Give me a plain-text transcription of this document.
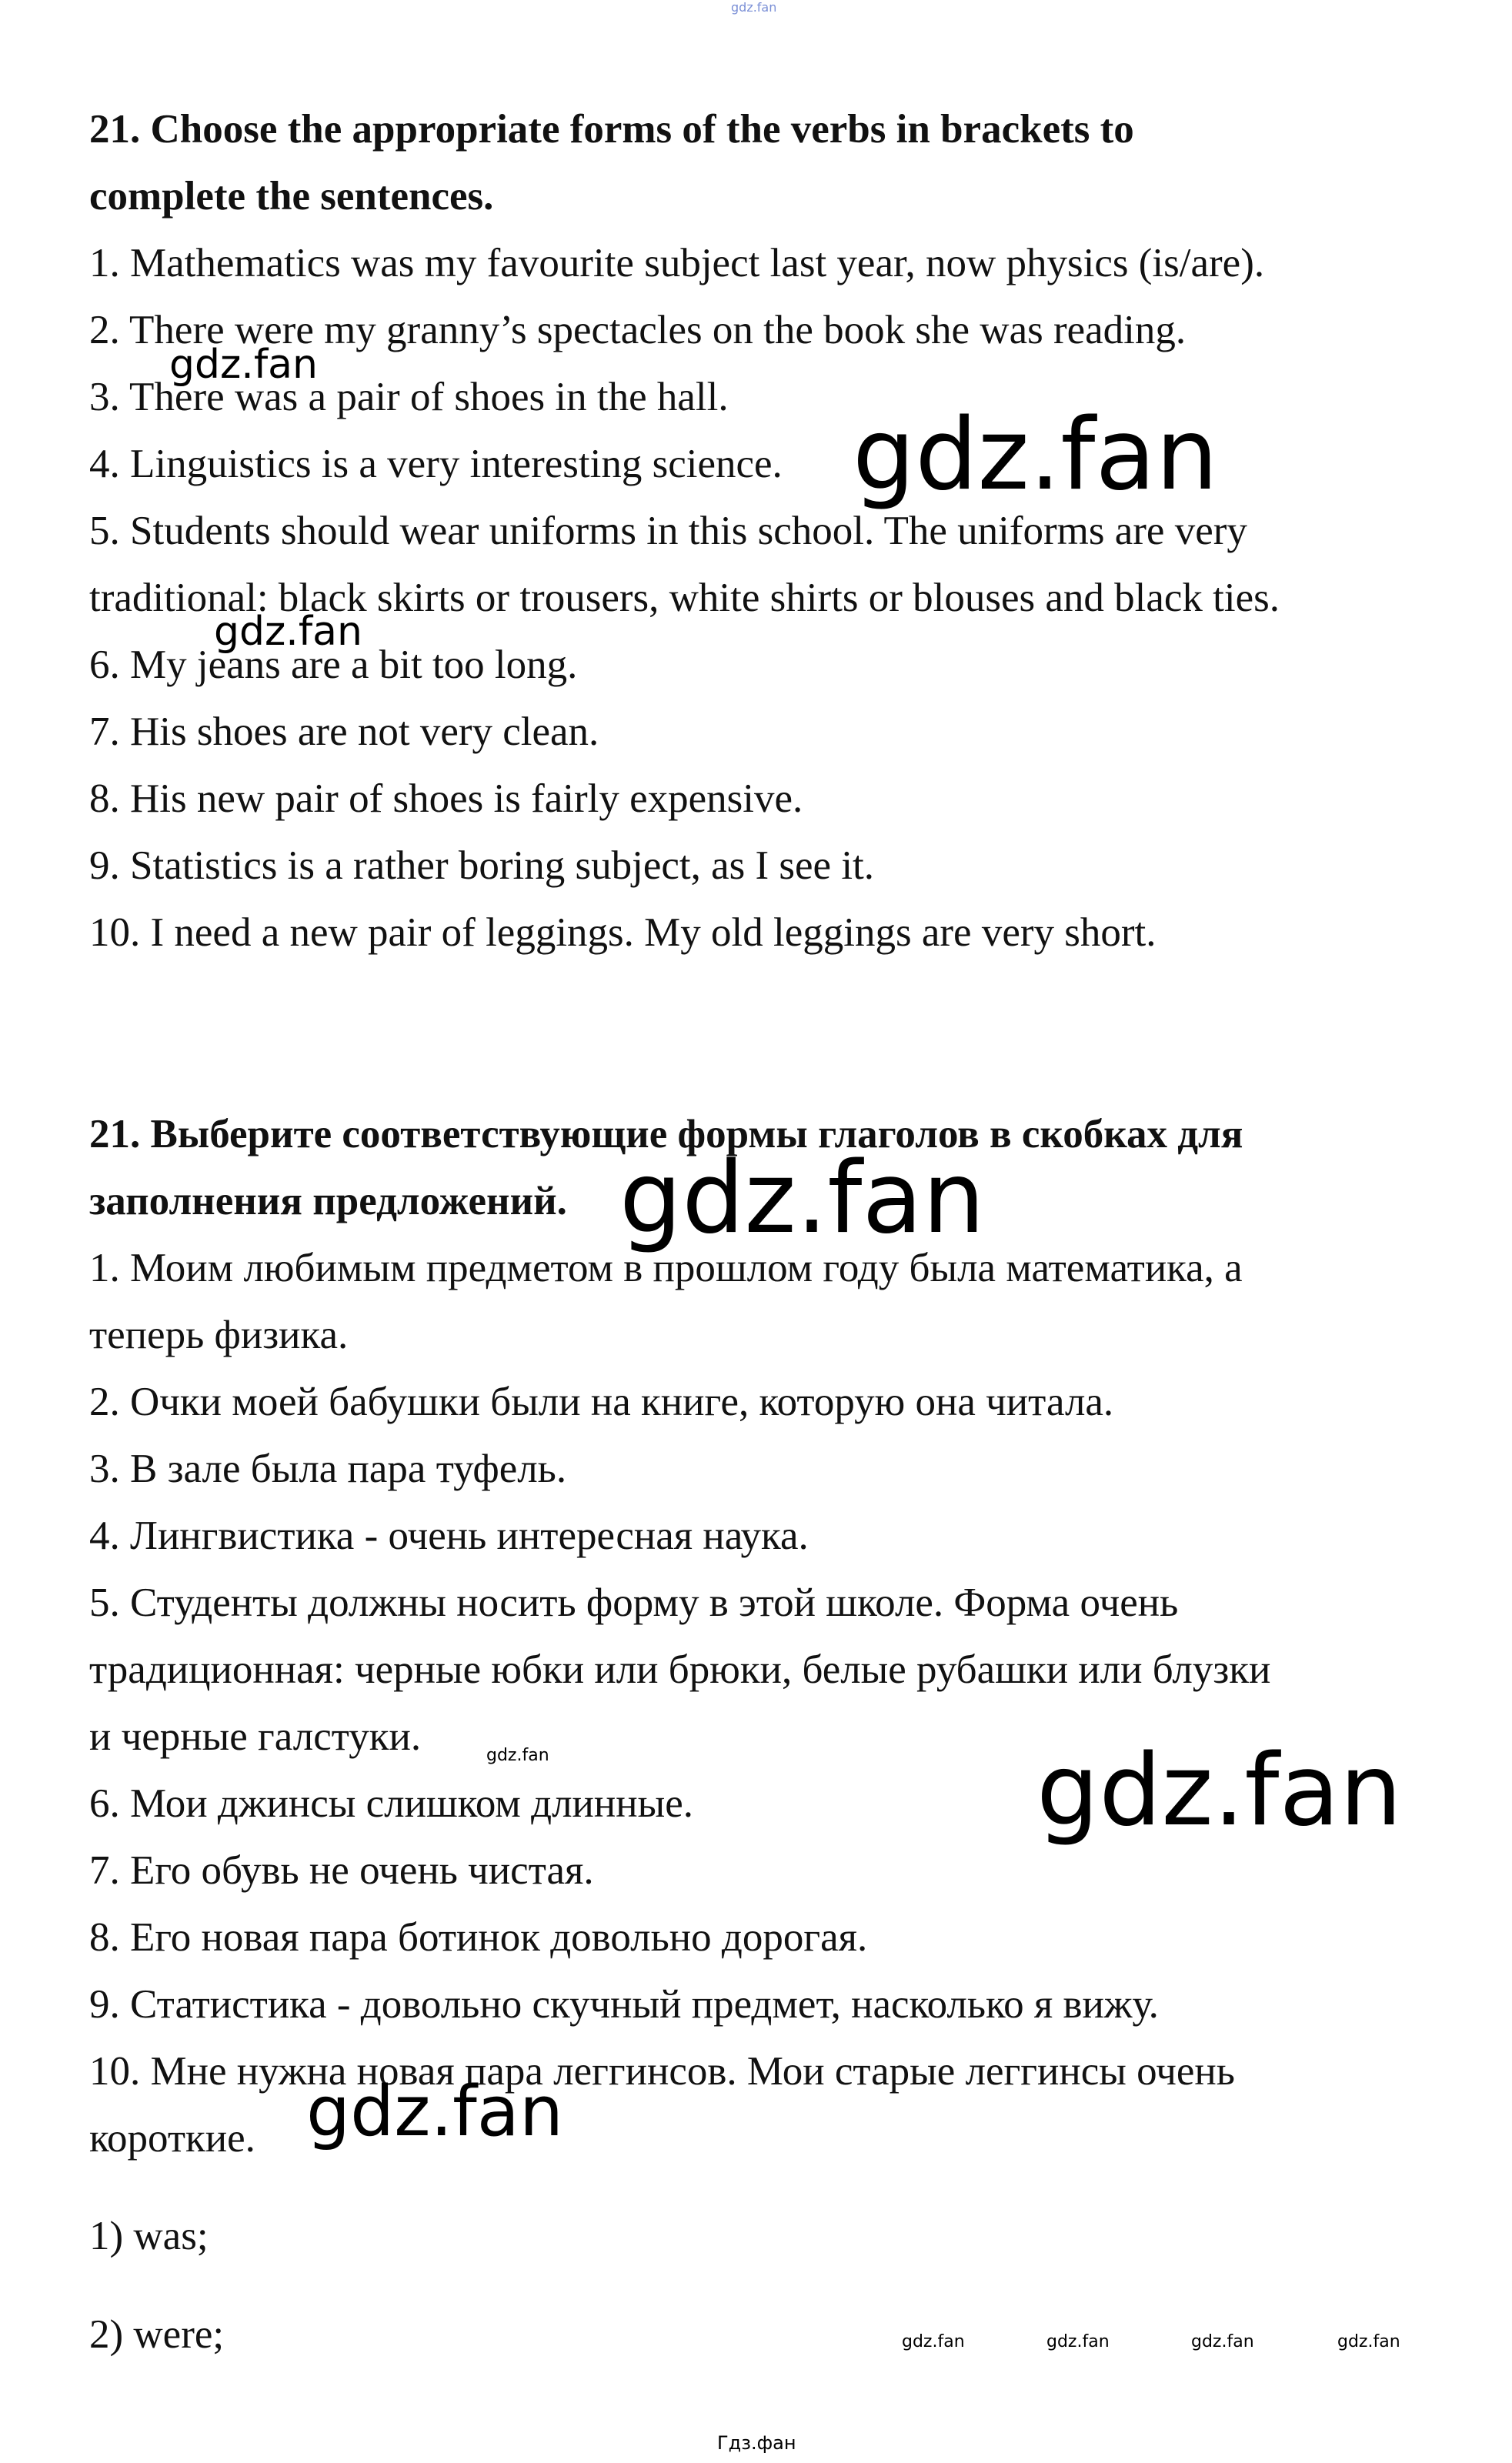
gdz.fan
21. Choose the appropriate forms of the verbs in brackets to
complete the sentences.
1. Mathematics was my favourite subject last year, now physics (is/are).
2. There were my granny’s spectacles on the book she was reading.
3. There was a pair of shoes in the hall.
4. Linguistics is a very interesting science.
5. Students should wear uniforms in this school. The uniforms are very
traditional: black skirts or trousers, white shirts or blouses and black ties.
6. My jeans are a bit too long.
7. His shoes are not very clean.
8. His new pair of shoes is fairly expensive.
9. Statistics is a rather boring subject, as I see it.
10. I need a new pair of leggings. My old leggings are very short.
21. Выберите соответствующие формы глаголов в скобках для
заполнения предложений.
1. Моим любимым предметом в прошлом году была математика, а
теперь физика.
2. Очки моей бабушки были на книге, которую она читала.
3. В зале была пара туфель.
4. Лингвистика - очень интересная наука.
5. Студенты должны носить форму в этой школе. Форма очень
традиционная: черные юбки или брюки, белые рубашки или блузки
и черные галстуки.
6. Мои джинсы слишком длинные.
7. Его обувь не очень чистая.
8. Его новая пара ботинок довольно дорогая.
9. Статистика - довольно скучный предмет, насколько я вижу.
10. Мне нужна новая пара леггинсов. Мои старые леггинсы очень
короткие.
1) was;
2) were;
gdz.fan
gdz.fan
gdz.fan
gdz.fan
gdz.fan	gdz.fan
gdz.fan
gdz.fan	gdz.fan	gdz.fan	gdz.fan
Гдз.фан
